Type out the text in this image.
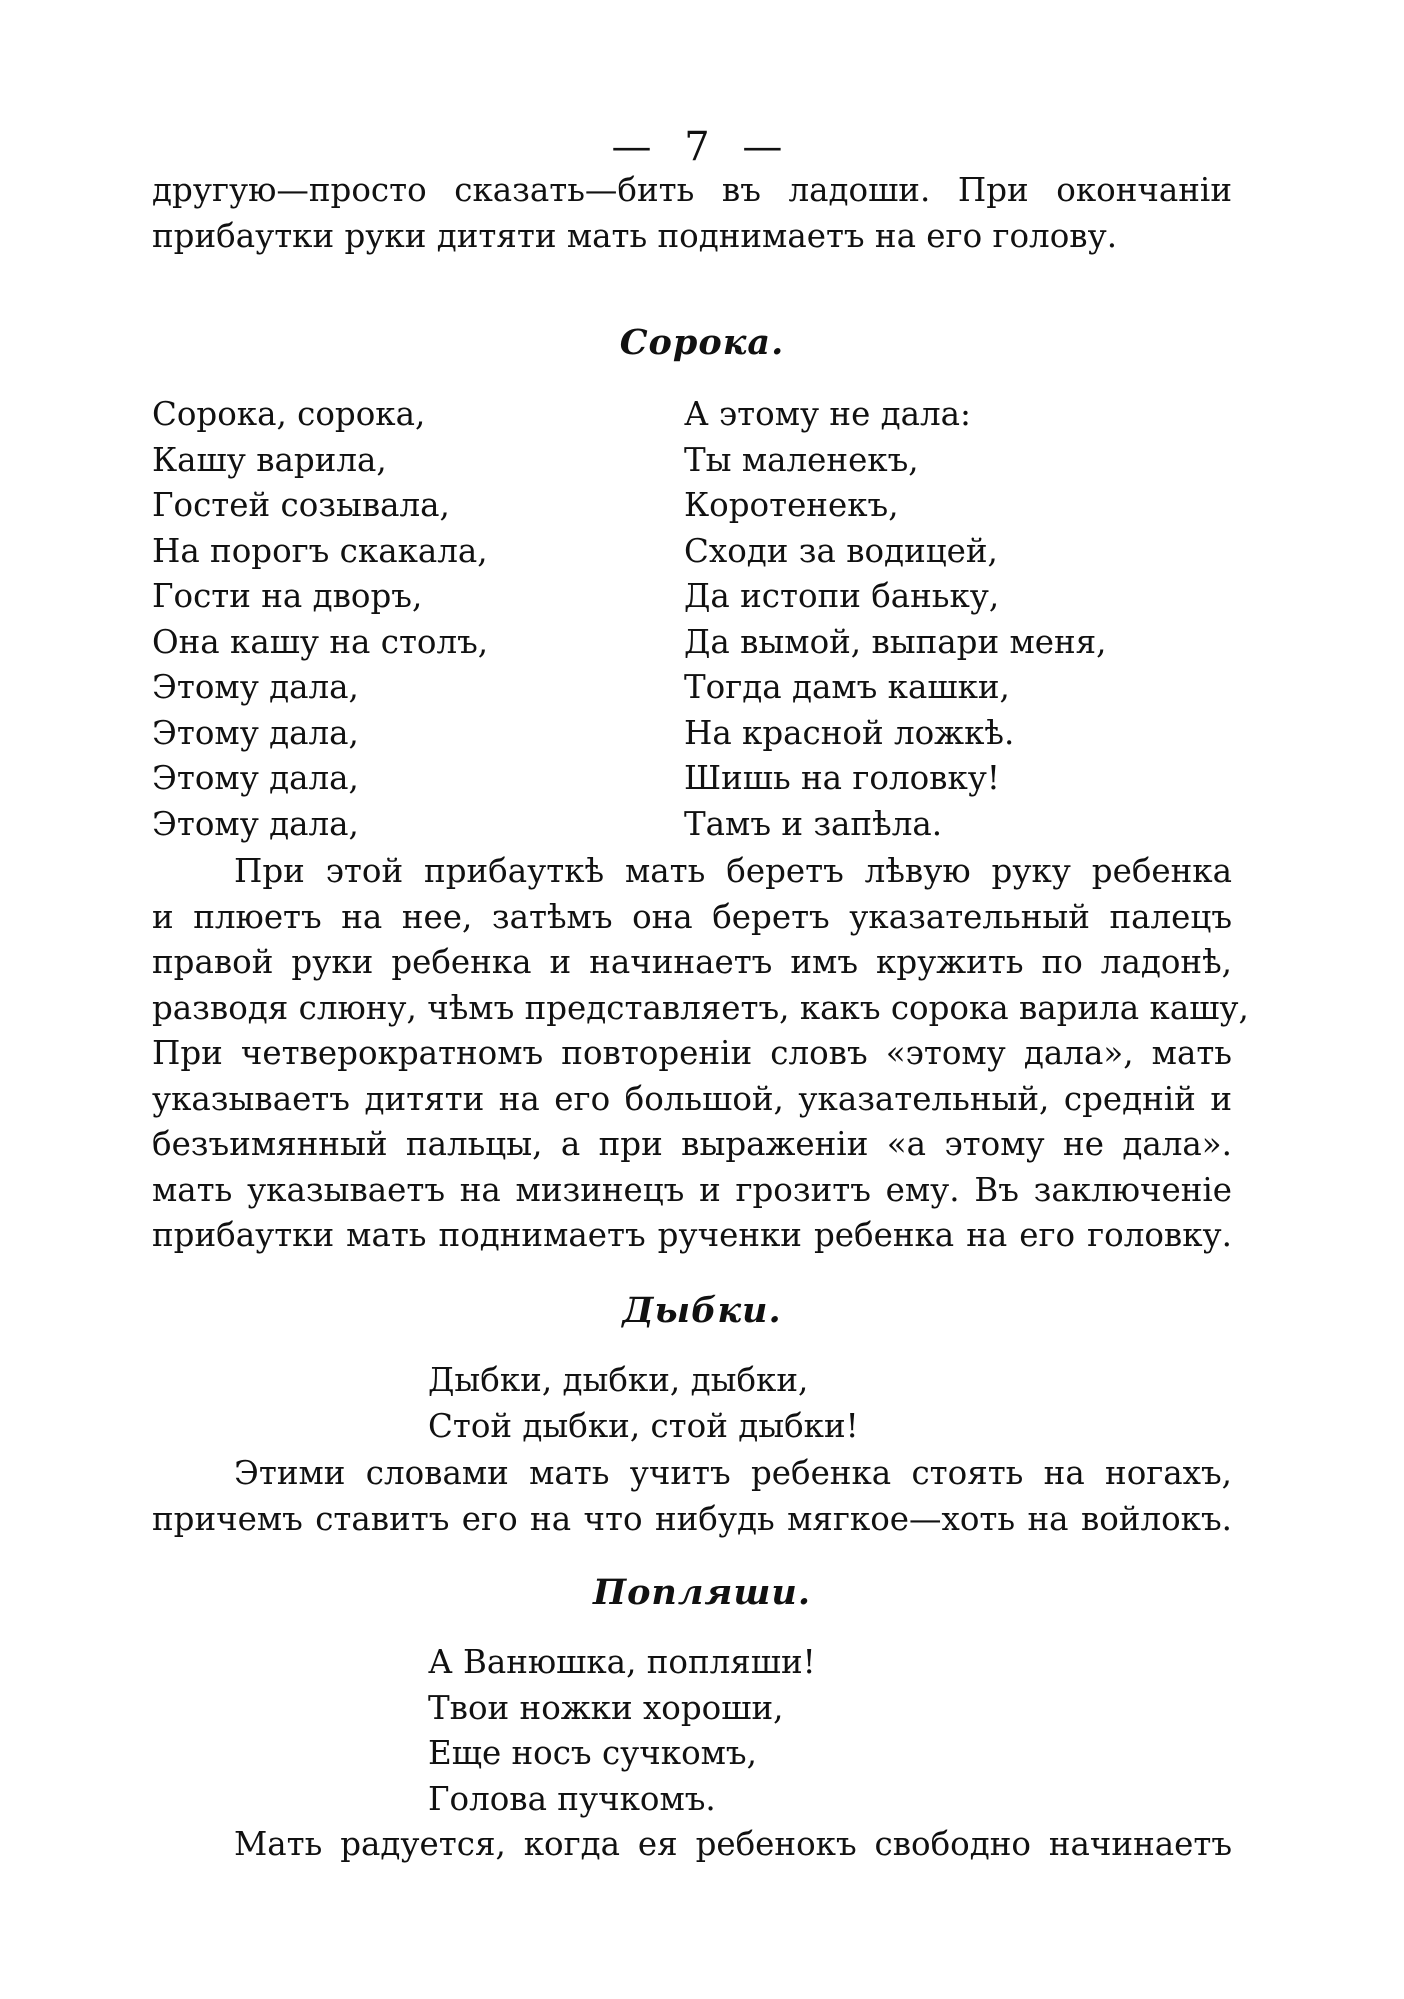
— 7 —

другую—просто сказать—бить въ ладоши. При окончаніи
прибаутки руки дитяти мать поднимаетъ на его голову.

Сорока.
Сорока, сорока,
Кашу варила,
Гостей созывала,
На порогъ скакала,
Гости на дворъ,
Она кашу на столъ,
Этому дала,
Этому дала,
Этому дала,
Этому дала,
А этому не дала:
Ты маленекъ,
Коротенекъ,
Сходи за водицей,
Да истопи баньку,
Да вымой, выпари меня,
Тогда дамъ кашки,
На красной ложкѣ.
Шишь на головку!
Тамъ и запѣла.

При этой прибауткѣ мать беретъ лѣвую руку ребенка
и плюетъ на нее, затѣмъ она беретъ указательный палецъ
правой руки ребенка и начинаетъ имъ кружить по ладонѣ,
разводя слюну, чѣмъ представляетъ, какъ сорока варила кашу,
При четверократномъ повтореніи словъ «этому дала», мать
указываетъ дитяти на его большой, указательный, средній и
безъимянный пальцы, а при выраженіи «а этому не дала».
мать указываетъ на мизинецъ и грозитъ ему. Въ заключеніе
прибаутки мать поднимаетъ рученки ребенка на его головку.

Дыбки.
Дыбки, дыбки, дыбки,
Стой дыбки, стой дыбки!

Этими словами мать учитъ ребенка стоять на ногахъ,
причемъ ставитъ его на что нибудь мягкое—хоть на войлокъ.

Попляши.
А Ванюшка, попляши!
Твои ножки хороши,
Еще носъ сучкомъ,
Голова пучкомъ.

Мать радуется, когда ея ребенокъ свободно начинаетъ
